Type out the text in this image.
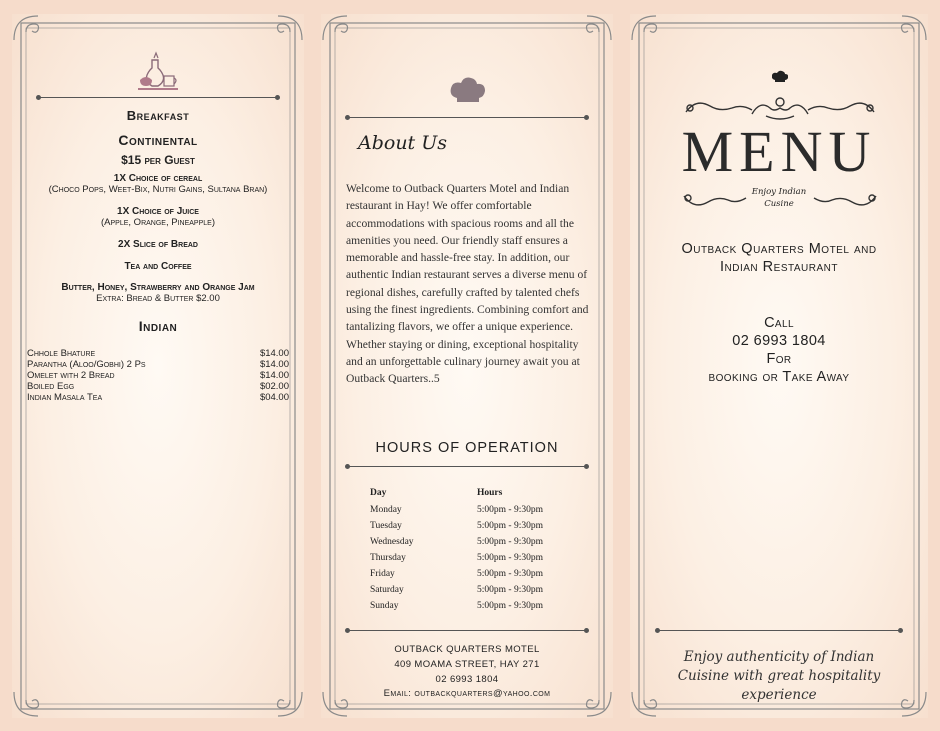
Breakfast
Continental
$15 per Guest
1X Choice of cereal
(Choco Pops, Weet-Bix, Nutri Gains, Sultana Bran)
1X Choice of Juice
(Apple, Orange, Pineapple)
2X Slice of Bread
Tea and Coffee
Butter, Honey, Strawberry and Orange Jam
Extra: Bread & Butter $2.00
Indian
Chhole Bhature	$14.00
Parantha (Aloo/Gobhi) 2 Ps	$14.00
Omelet with 2 Bread	$14.00
Boiled Egg	$02.00
Indian Masala Tea	$04.00
About Us
Welcome to Outback Quarters Motel and Indian restaurant in Hay! We offer comfortable accommodations with spacious rooms and all the amenities you need. Our friendly staff ensures a memorable and hassle-free stay. In addition, our authentic Indian restaurant serves a diverse menu of regional dishes, carefully crafted by talented chefs using the finest ingredients. Combining comfort and tantalizing flavors, we offer a unique experience. Whether staying or dining, exceptional hospitality and an unforgettable culinary journey await you at Outback Quarters..5
HOURS OF OPERATION
Day	Hours
Monday	5:00pm - 9:30pm
Tuesday	5:00pm - 9:30pm
Wednesday	5:00pm - 9:30pm
Thursday	5:00pm - 9:30pm
Friday	5:00pm - 9:30pm
Saturday	5:00pm - 9:30pm
Sunday	5:00pm - 9:30pm
OUTBACK QUARTERS MOTEL
409 MOAMA STREET, HAY 271
02 6993 1804
Email: outbackquarters@yahoo.com
MENU
Enjoy Indian
Cusine
Outback Quarters Motel and
Indian Restaurant
Call
02 6993 1804
For
booking or Take Away
Enjoy authenticity of Indian
Cuisine with great hospitality
experience
